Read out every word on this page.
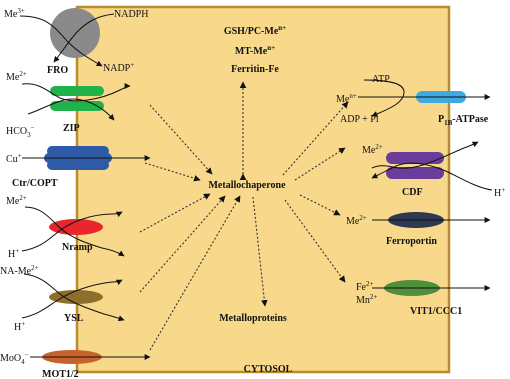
GSH/$PC-Me^{n+}$
$MT-Me^{n+}$
Ferritin-Fe
Metallochaperone
Metalloproteins
CYTOSOL
$Me^{3+}$	NADPH
NADP+
FRO
$Me^{2+}$
$HCO_3^-$	ZIP
Cu+
Ctr/COPT
$Me^{2+}$
H+	Nramp
$NA-Me^{2+}$
H+	YSL
MoO$_4$−
MOT1/2
ATP
$Me^{n+}$
ADP + Pi	$P_{1B}$-ATPase
$Me^{2+}$
H+
CDF
$Me^{2+}$
Ferroportin
$Fe^{2+}$
$Mn^{2+}$
VIT1/CCC1
